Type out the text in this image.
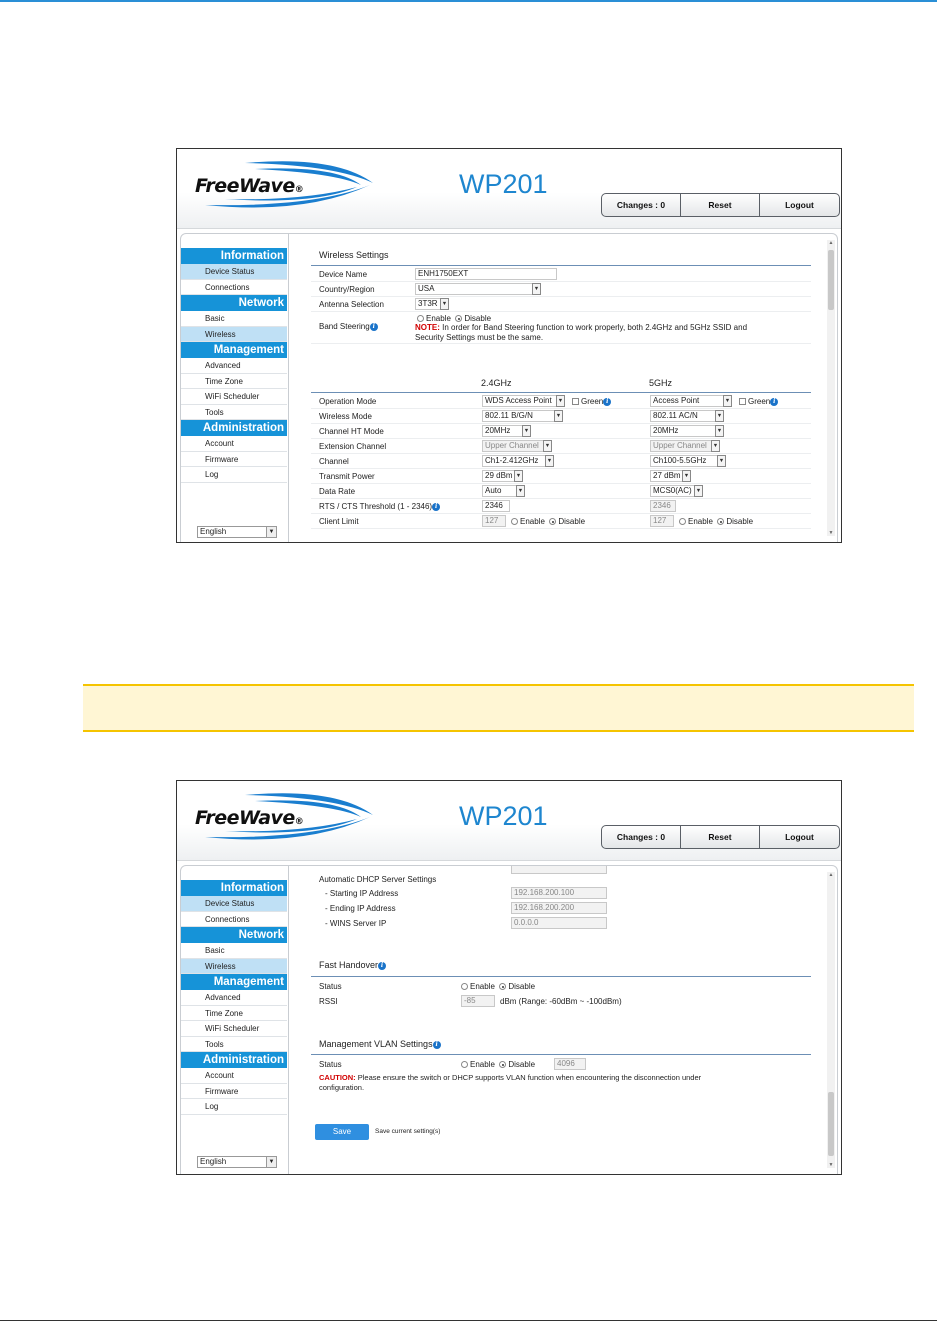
FreeWave®	WP201
Changes : 0	Reset	Logout
Information
Device Status
Connections
Network
Basic
Wireless
Management
Advanced
Time Zone
WiFi Scheduler
Tools
Administration
Account
Firmware
Log
English	▼
Wireless Settings
Device Name	ENH1750EXT
Country/Region	USA	▼
Antenna Selection	3T3R ▼
Band Steering i
Enable Disable
NOTE: In order for Band Steering function to work properly, both 2.4GHz and 5GHz SSID and
Security Settings must be the same.
2.4GHz	5GHz
Operation Mode	WDS Access Point	▼	Green i	Access Point	▼	Green i
Wireless Mode	802.11 B/G/N	▼	802.11 AC/N	▼
Channel HT Mode	20MHz	▼	20MHz	▼
Extension Channel	Upper Channel	▼	Upper Channel	▼
Channel	Ch1-2.412GHz	▼	Ch100-5.5GHz	▼
Transmit Power	29 dBm ▼	27 dBm ▼
Data Rate	Auto	▼	MCS0(AC) ▼
RTS / CTS Threshold (1 - 2346) i	2346	2346
Client Limit	127	Enable Disable	127	Enable Disable
▲
▼
FreeWave®	WP201
Changes : 0	Reset	Logout
Information
Device Status
Connections
Network
Basic
Wireless
Management
Advanced
Time Zone
WiFi Scheduler
Tools
Administration
Account
Firmware
Log
English	▼
Automatic DHCP Server Settings
- Starting IP Address	192.168.200.100
- Ending IP Address	192.168.200.200
- WINS Server IP	0.0.0.0
Fast Handover i
Status	Enable Disable
RSSI	-85	dBm (Range: -60dBm ~ -100dBm)
Management VLAN Settings i
Status	Enable Disable	4096
CAUTION: Please ensure the switch or DHCP supports VLAN function when encountering the disconnection under
configuration.
Save	Save current setting(s)
▲
▼
